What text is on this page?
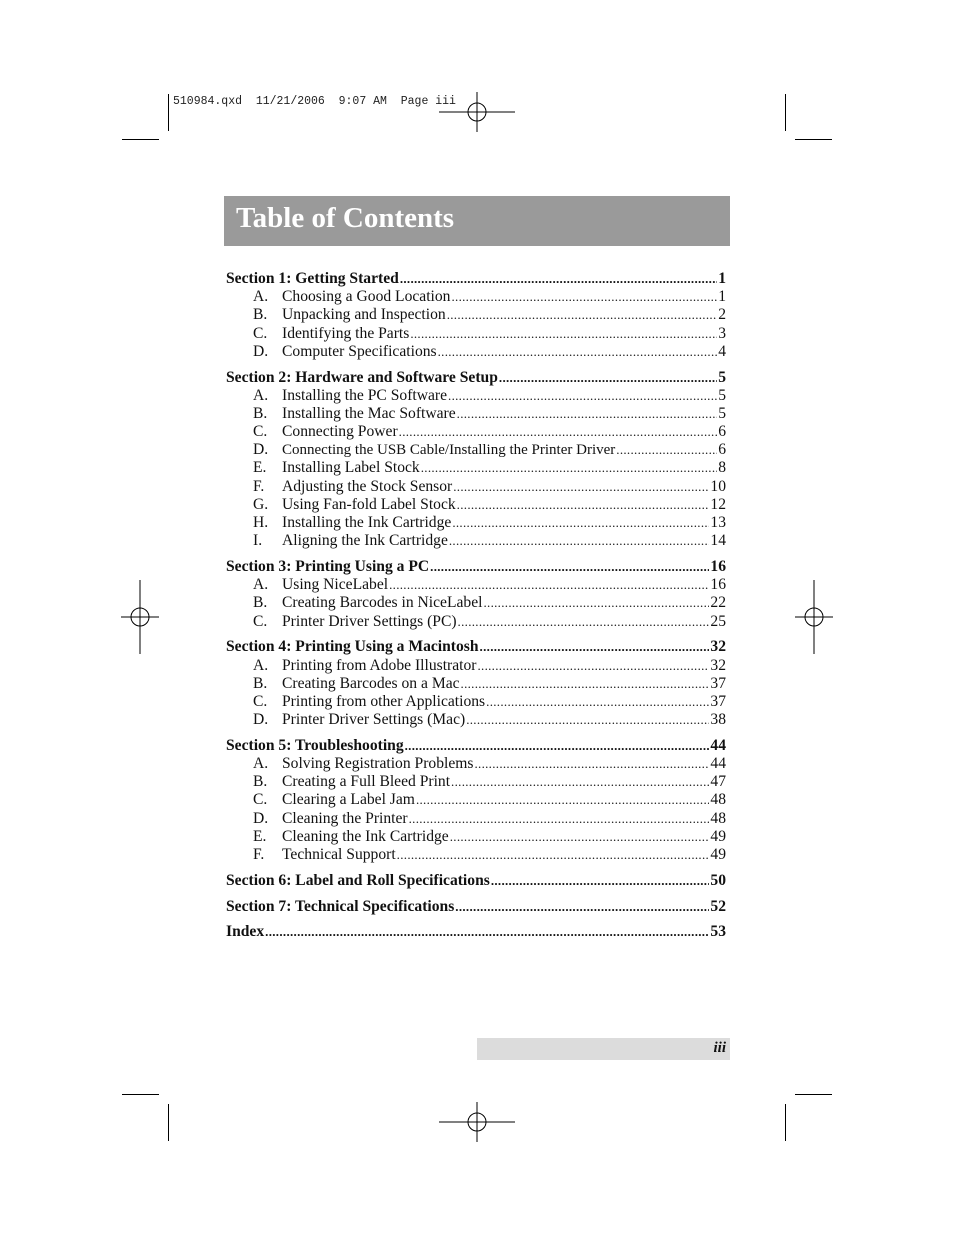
510984.qxd  11/21/2006  9:07 AM  Page iii
Table of Contents
Section 1: Getting Started .....	1
A. Choosing a Good Location .....	1
B. Unpacking and Inspection .....	2
C. Identifying the Parts .....	3
D. Computer Specifications .....	4
Section 2: Hardware and Software Setup .....	5
A. Installing the PC Software .....	5
B. Installing the Mac Software .....	5
C. Connecting Power .....	6
D. Connecting the USB Cable/Installing the Printer Driver .....	6
E. Installing Label Stock .....	8
F.	Adjusting the Stock Sensor .....	10
G. Using Fan-fold Label Stock .....	12
H. Installing the Ink Cartridge .....	13
I.	Aligning the Ink Cartridge .....	14
Section 3: Printing Using a PC .....	16
A. Using NiceLabel .....	16
B. Creating Barcodes in NiceLabel .....	22
C. Printer Driver Settings (PC) .....	25
Section 4: Printing Using a Macintosh .....	32
A. Printing from Adobe Illustrator .....	32
B. Creating Barcodes on a Mac .....	37
C. Printing from other Applications .....	37
D. Printer Driver Settings (Mac) .....	38
Section 5: Troubleshooting .....	44
A. Solving Registration Problems .....	44
B. Creating a Full Bleed Print .....	47
C. Clearing a Label Jam .....	48
D. Cleaning the Printer .....	48
E. Cleaning the Ink Cartridge .....	49
F.	Technical Support .....	49
Section 6: Label and Roll Specifications .....	50
Section 7: Technical Specifications .....	52
Index .....	53
iii
